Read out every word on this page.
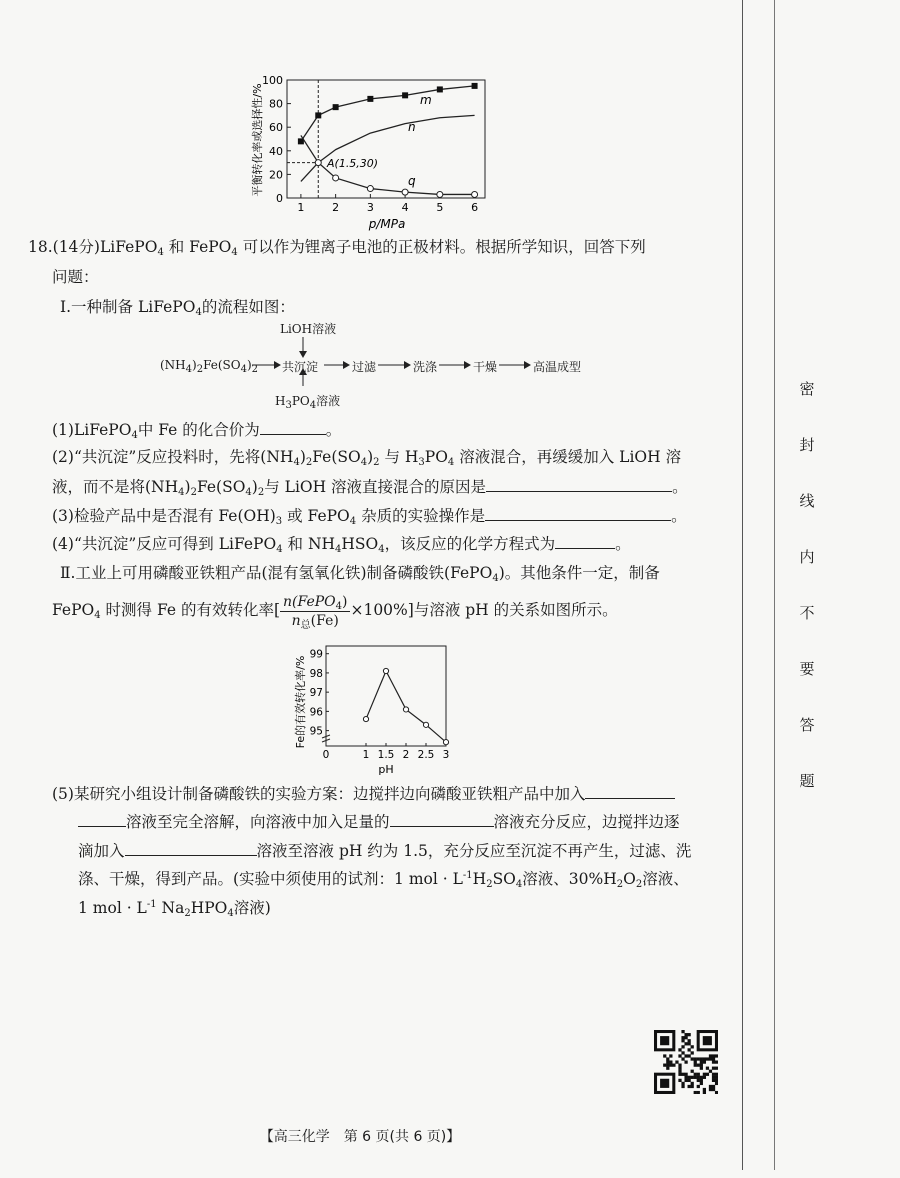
1	2	3	4	5	6
0
20
40
60
80
100
平衡转化率或选择性/%
p/MPa
A(1.5,30)
m
n
q
18.(14分)LiFePO$_4$ 和 FePO$_4$ 可以作为锂离子电池的正极材料。根据所学知识，回答下列
问题：
Ⅰ.一种制备 LiFePO$_4$的流程如图：
LiOH溶液
$(NH_4)_2Fe(SO_4)_2$ 共沉淀	过滤	洗涤	干燥	高温成型
$H_3PO_4$溶液
(1)LiFePO$_4$中 Fe 的化合价为	。
(2)“共沉淀”反应投料时，先将$(NH_4)_2Fe(SO_4)_2$ 与 $H_3PO_4$ 溶液混合，再缓缓加入 LiOH 溶
液，而不是将$(NH_4)_2Fe(SO_4)_2$与 LiOH 溶液直接混合的原因是	。
(3)检验产品中是否混有 $Fe(OH)_3$ 或 FePO$_4$ 杂质的实验操作是	。
(4)“共沉淀”反应可得到 LiFePO$_4$ 和 $NH_4HSO_4$，该反应的化学方程式为	。
Ⅱ.工业上可用磷酸亚铁粗产品(混有氢氧化铁)制备磷酸铁(FePO$_4$)。其他条件一定，制备
FePO$_4$ 时测得 Fe 的有效转化率[ $\frac{n(FePO_4)}{n_总(Fe)} \times 100\%$]与溶液 pH 的关系如图所示。
0	1 1.5 2 2.5 3
95
96
97
98
99
Fe的有效转化率/%
pH
(5)某研究小组设计制备磷酸铁的实验方案：边搅拌边向磷酸亚铁粗产品中加入
溶液至完全溶解，向溶液中加入足量的	溶液充分反应，边搅拌边逐
滴加入	溶液至溶液 pH 约为 1.5，充分反应至沉淀不再产生，过滤、洗
涤、干燥，得到产品。(实验中须使用的试剂：1 mol · $L^{-1}H_2SO_4$溶液、$30\%H_2O_2$溶液、
1 mol · $L^{-1}$ $Na_2HPO_4$溶液)
【高三化学　第 6 页(共 6 页)】
密
封
线
内
不
要
答
题
